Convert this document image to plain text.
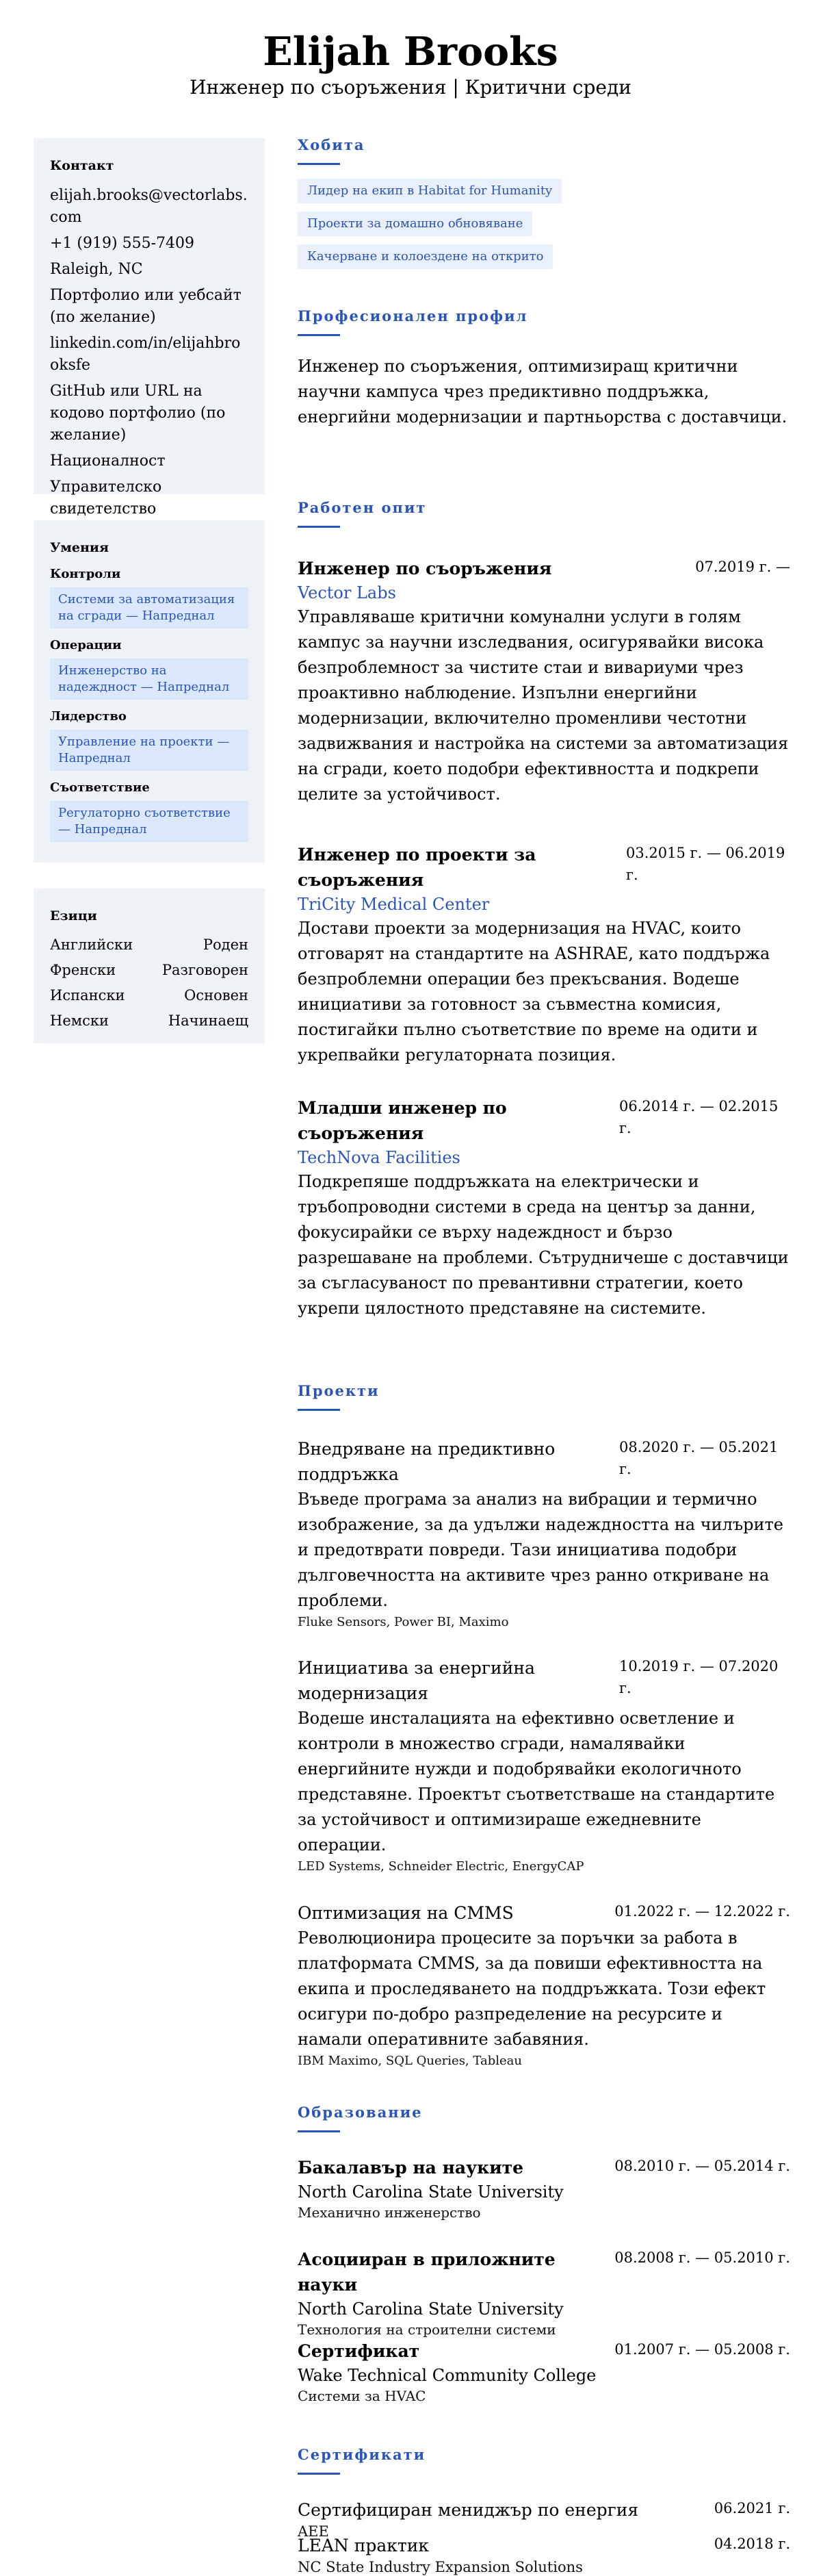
Elijah Brooks
Инженер по съоръжения | Критични среди
Контакт
elijah.brooks@vectorlabs.com
+1 (919) 555-7409
Raleigh, NC
Портфолио или уебсайт (по желание)
linkedin.com/in/elijahbrooksfe
GitHub или URL на кодово портфолио (по желание)
Националност
Управителско свидетелство
Умения
Контроли
Системи за автоматизация на сгради — Напреднал
Операции
Инженерство на надеждност — Напреднал
Лидерство
Управление на проекти — Напреднал
Съответствие
Регулаторно съответствие — Напреднал
Езици
Английски	Роден
Френски	Разговорен
Испански	Основен
Немски	Начинаещ
Хобита
Лидер на екип в Habitat for Humanity
Проекти за домашно обновяване
Качерване и колоездене на открито
Професионален профил
Инженер по съоръжения, оптимизиращ критични научни кампуса чрез предиктивно поддръжка, енергийни модернизации и партньорства с доставчици.
Работен опит
Инженер по съоръжения	07.2019 г. —
Vector Labs
Управляваше критични комунални услуги в голям кампус за научни изследвания, осигурявайки висока безпроблемност за чистите стаи и вивариуми чрез проактивно наблюдение. Изпълни енергийни модернизации, включително променливи честотни задвижвания и настройка на системи за автоматизация на сгради, което подобри ефективността и подкрепи целите за устойчивост.
Инженер по проекти за съоръжения
03.2015 г. — 06.2019 г.
TriCity Medical Center
Достави проекти за модернизация на HVAC, които отговарят на стандартите на ASHRAE, като поддържа безпроблемни операции без прекъсвания. Водеше инициативи за готовност за съвместна комисия, постигайки пълно съответствие по време на одити и укрепвайки регулаторната позиция.
Младши инженер по съоръжения
06.2014 г. — 02.2015 г.
TechNova Facilities
Подкрепяше поддръжката на електрически и тръбопроводни системи в среда на център за данни, фокусирайки се върху надеждност и бързо разрешаване на проблеми. Сътрудничеше с доставчици за съгласуваност по превантивни стратегии, което укрепи цялостното представяне на системите.
Проекти
Внедряване на предиктивно поддръжка
08.2020 г. — 05.2021 г.
Въведе програма за анализ на вибрации и термично изображение, за да удължи надеждността на чилърите и предотврати повреди. Тази инициатива подобри дълговечността на активите чрез ранно откриване на проблеми.
Fluke Sensors, Power BI, Maximo
Инициатива за енергийна модернизация
10.2019 г. — 07.2020 г.
Водеше инсталацията на ефективно осветление и контроли в множество сгради, намалявайки енергийните нужди и подобрявайки екологичното представяне. Проектът съответстваше на стандартите за устойчивост и оптимизираше ежедневните операции.
LED Systems, Schneider Electric, EnergyCAP
Оптимизация на CMMS	01.2022 г. — 12.2022 г.
Революционира процесите за поръчки за работа в платформата CMMS, за да повиши ефективността на екипа и проследяването на поддръжката. Този ефект осигури по-добро разпределение на ресурсите и намали оперативните забавяния.
IBM Maximo, SQL Queries, Tableau
Образование
Бакалавър на науките	08.2010 г. — 05.2014 г.
North Carolina State University
Механично инженерство
Асоцииран в приложните науки
08.2008 г. — 05.2010 г.
North Carolina State University
Технология на строителни системи
Сертификат	01.2007 г. — 05.2008 г.
Wake Technical Community College
Системи за HVAC
Сертификати
Сертифициран мениджър по енергия	06.2021 г.
AEE
LEAN практик	04.2018 г.
NC State Industry Expansion Solutions
